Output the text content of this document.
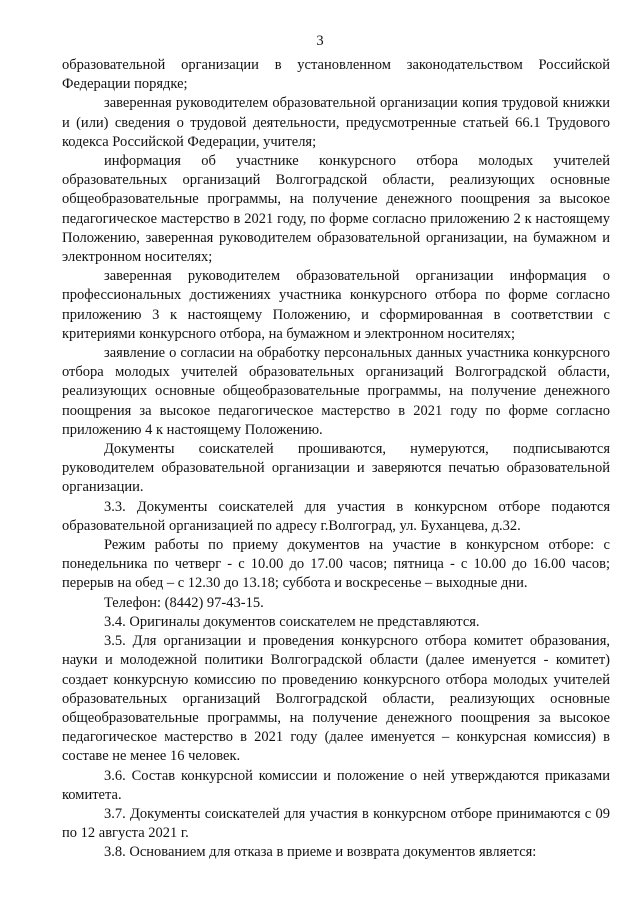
3

образовательной организации в установленном законодательством Российской Федерации порядке;

заверенная руководителем образовательной организации копия трудовой книжки и (или) сведения о трудовой деятельности, предусмотренные статьей 66.1 Трудового кодекса Российской Федерации, учителя;

информация об участнике конкурсного отбора молодых учителей образовательных организаций Волгоградской области, реализующих основные общеобразовательные программы, на получение денежного поощрения за высокое педагогическое мастерство в 2021 году, по форме согласно приложению 2 к настоящему Положению, заверенная руководителем образовательной организации, на бумажном и электронном носителях;

заверенная руководителем образовательной организации информация о профессиональных достижениях участника конкурсного отбора по форме согласно приложению 3 к настоящему Положению, и сформированная в соответствии с критериями конкурсного отбора, на бумажном и электронном носителях;

заявление о согласии на обработку персональных данных участника конкурсного отбора молодых учителей образовательных организаций Волгоградской области, реализующих основные общеобразовательные программы, на получение денежного поощрения за высокое педагогическое мастерство в 2021 году по форме согласно приложению 4 к настоящему Положению.

Документы соискателей прошиваются, нумеруются, подписываются руководителем образовательной организации и заверяются печатью образовательной организации.

3.3. Документы соискателей для участия в конкурсном отборе подаются образовательной организацией по адресу г.Волгоград, ул. Буханцева, д.32.

Режим работы по приему документов на участие в конкурсном отборе: с понедельника по четверг - с 10.00 до 17.00 часов; пятница - с 10.00 до 16.00 часов; перерыв на обед – с 12.30 до 13.18; суббота и воскресенье – выходные дни.

Телефон: (8442) 97-43-15.

3.4. Оригиналы документов соискателем не представляются.

3.5. Для организации и проведения конкурсного отбора комитет образования, науки и молодежной политики Волгоградской области (далее именуется - комитет) создает конкурсную комиссию по проведению конкурсного отбора молодых учителей образовательных организаций Волгоградской области, реализующих основные общеобразовательные программы, на получение денежного поощрения за высокое педагогическое мастерство в 2021 году (далее именуется – конкурсная комиссия) в составе не менее 16 человек.

3.6. Состав конкурсной комиссии и положение о ней утверждаются приказами комитета.

3.7. Документы соискателей для участия в конкурсном отборе принимаются с 09 по 12 августа 2021 г.

3.8. Основанием для отказа в приеме и возврата документов является:
